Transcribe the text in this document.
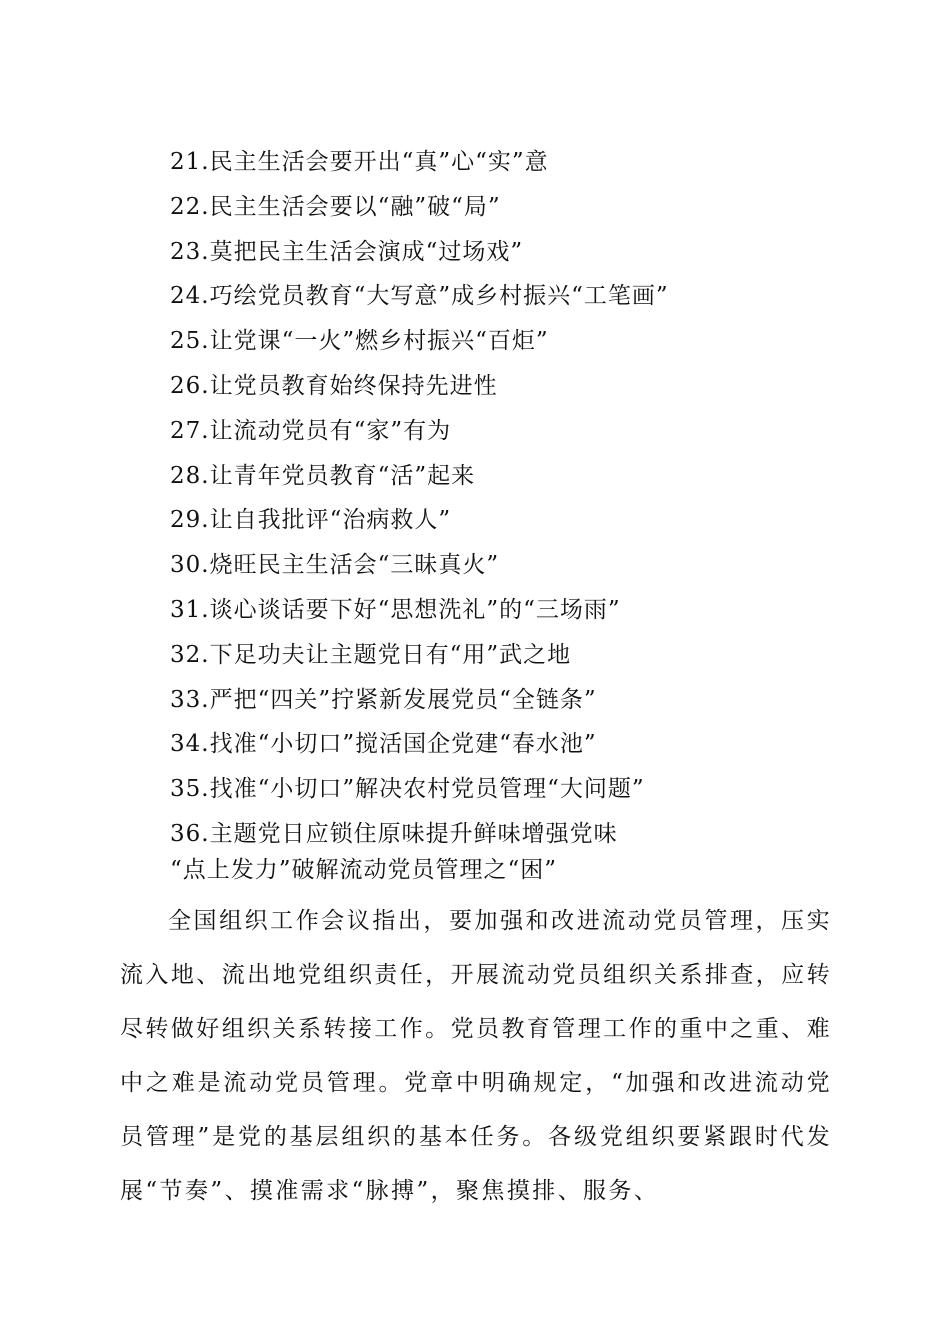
21.民主生活会要开出“真”心“实”意
22.民主生活会要以“融”破“局”
23.莫把民主生活会演成“过场戏”
24.巧绘党员教育“大写意”成乡村振兴“工笔画”
25.让党课“一火”燃乡村振兴“百炬”
26.让党员教育始终保持先进性
27.让流动党员有“家”有为
28.让青年党员教育“活”起来
29.让自我批评“治病救人”
30.烧旺民主生活会“三昧真火”
31.谈心谈话要下好“思想洗礼”的“三场雨”
32.下足功夫让主题党日有“用”武之地
33.严把“四关”拧紧新发展党员“全链条”
34.找准“小切口”搅活国企党建“春水池”
35.找准“小切口”解决农村党员管理“大问题”
36.主题党日应锁住原味提升鲜味增强党味
“点上发力”破解流动党员管理之“困”

全国组织工作会议指出，要加强和改进流动党员管理，压实流入地、流出地党组织责任，开展流动党员组织关系排查，应转尽转做好组织关系转接工作。党员教育管理工作的重中之重、难中之难是流动党员管理。党章中明确规定，“加强和改进流动党员管理”是党的基层组织的基本任务。各级党组织要紧跟时代发展“节奏”、摸准需求“脉搏”，聚焦摸排、服务、
